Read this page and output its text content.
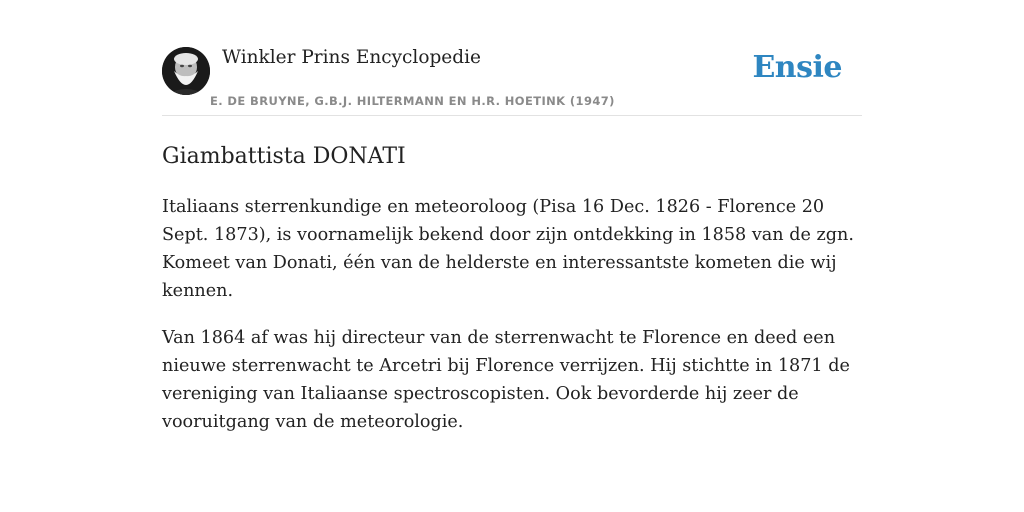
Winkler Prins Encyclopedie
E. DE BRUYNE, G.B.J. HILTERMANN EN H.R. HOETINK (1947)
Ensie
Giambattista DONATI

Italiaans sterrenkundige en meteoroloog (Pisa 16 Dec. 1826 - Florence 20 Sept. 1873), is voornamelijk bekend door zijn ontdekking in 1858 van de zgn. Komeet van Donati, één van de helderste en interessantste kometen die wij kennen.

Van 1864 af was hij directeur van de sterrenwacht te Florence en deed een nieuwe sterrenwacht te Arcetri bij Florence verrijzen. Hij stichtte in 1871 de vereniging van Italiaanse spectroscopisten. Ook bevorderde hij zeer de vooruitgang van de meteorologie.
